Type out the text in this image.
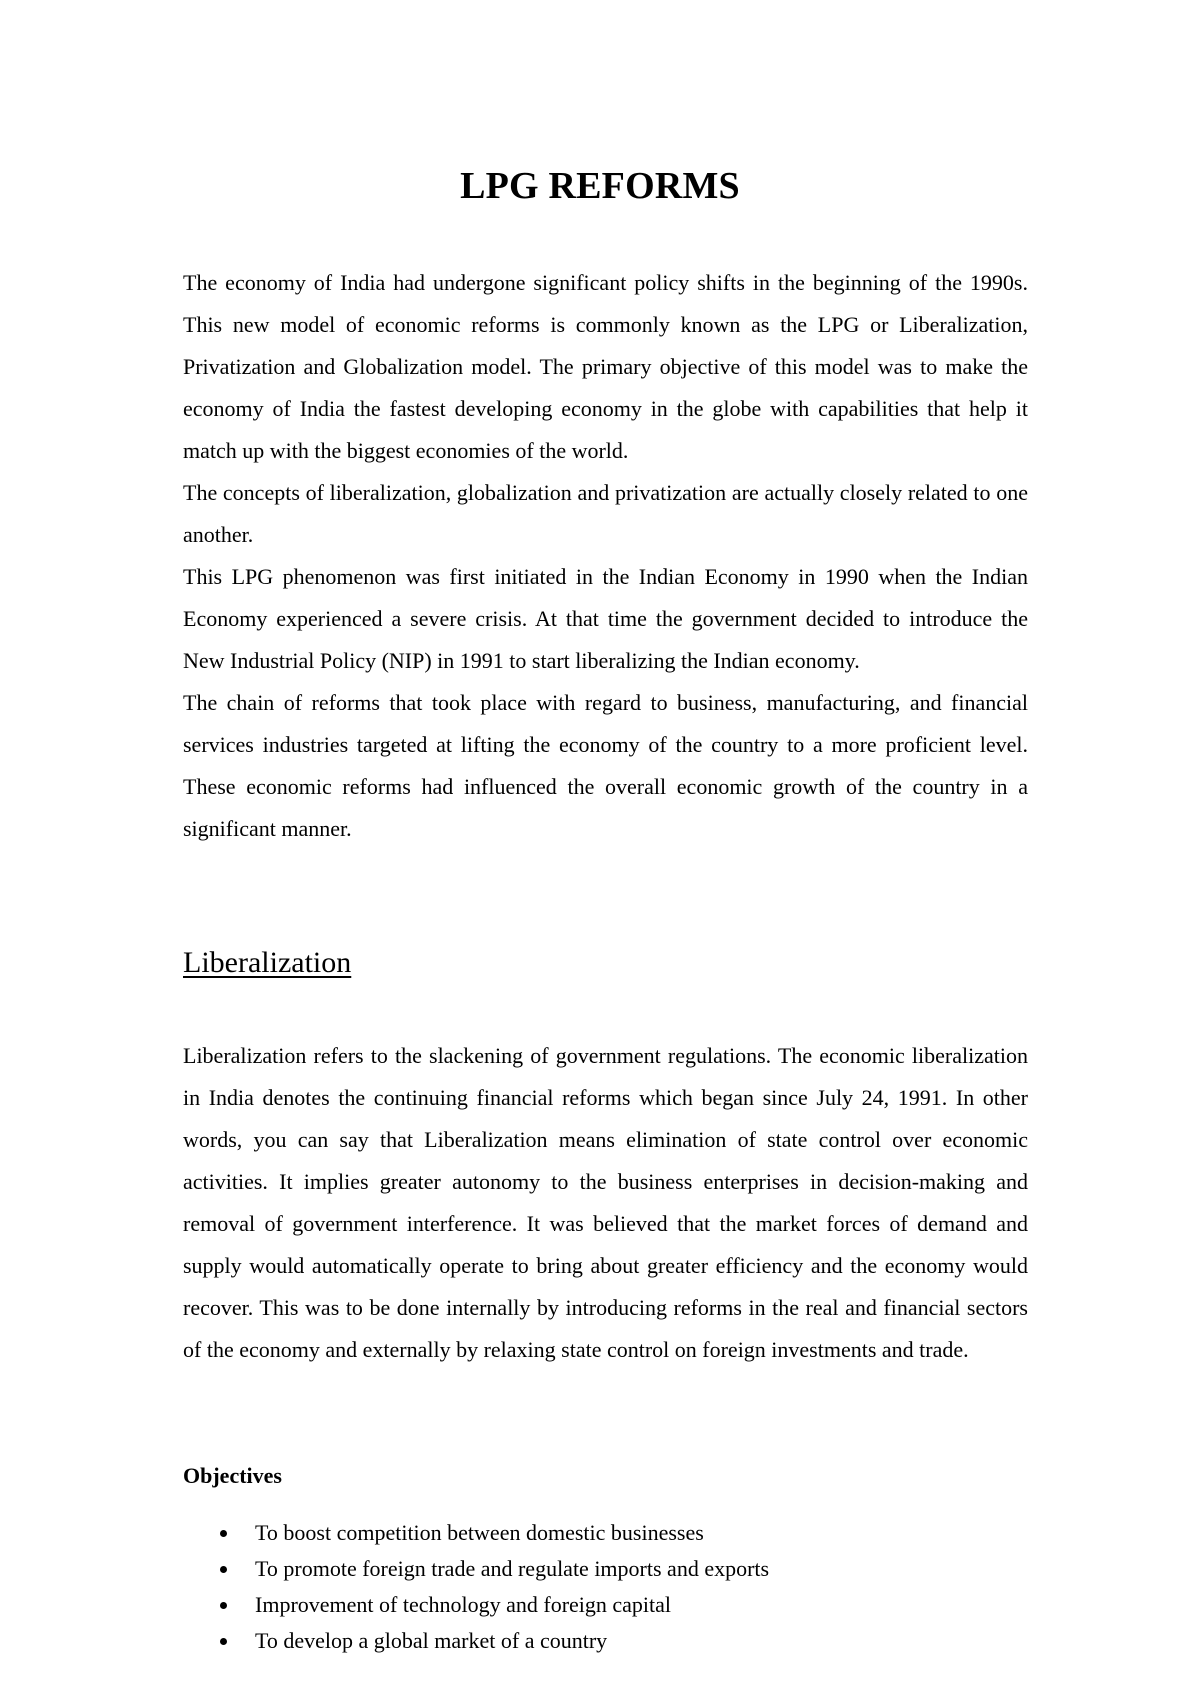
LPG REFORMS

The economy of India had undergone significant policy shifts in the beginning of the 1990s. This new model of economic reforms is commonly known as the LPG or Liberalization, Privatization and Globalization model. The primary objective of this model was to make the economy of India the fastest developing economy in the globe with capabilities that help it match up with the biggest economies of the world.

The concepts of liberalization, globalization and privatization are actually closely related to one another.

This LPG phenomenon was first initiated in the Indian Economy in 1990 when the Indian Economy experienced a severe crisis. At that time the government decided to introduce the New Industrial Policy (NIP) in 1991 to start liberalizing the Indian economy.

The chain of reforms that took place with regard to business, manufacturing, and financial services industries targeted at lifting the economy of the country to a more proficient level. These economic reforms had influenced the overall economic growth of the country in a significant manner.

Liberalization

Liberalization refers to the slackening of government regulations. The economic liberalization in India denotes the continuing financial reforms which began since July 24, 1991. In other words, you can say that Liberalization means elimination of state control over economic activities. It implies greater autonomy to the business enterprises in decision-making and removal of government interference. It was believed that the market forces of demand and supply would automatically operate to bring about greater efficiency and the economy would recover. This was to be done internally by introducing reforms in the real and financial sectors of the economy and externally by relaxing state control on foreign investments and trade.

Objectives
To boost competition between domestic businesses
To promote foreign trade and regulate imports and exports
Improvement of technology and foreign capital
To develop a global market of a country
